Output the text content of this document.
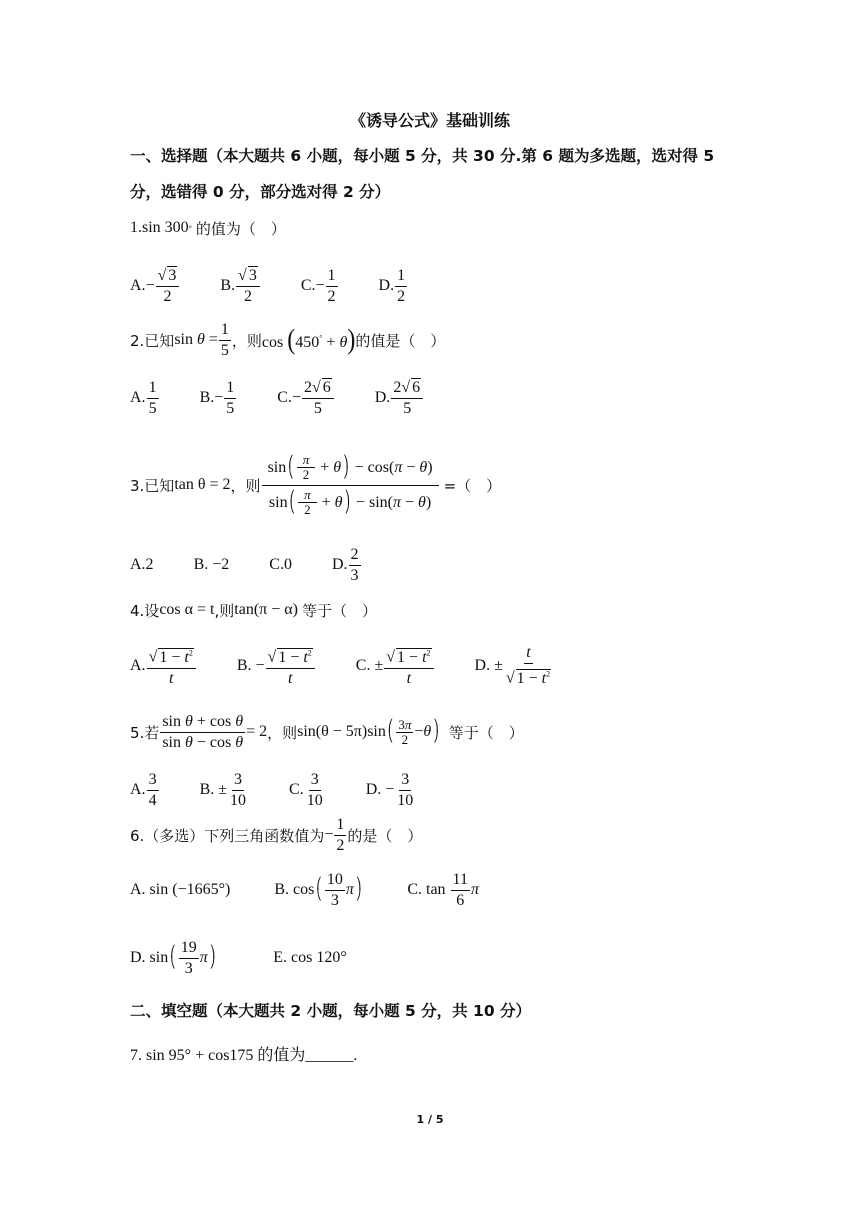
《诱导公式》基础训练
一、选择题（本大题共 6 小题，每小题 5 分，共 30 分.第 6 题为多选题，选对得 5 分，选错得 0 分，部分选对得 2 分）
1. sin 300 ° 的值为（　）
A. − $\frac{√ 3}{2}$	B. $\frac{√ 3}{2}$	C. − $\frac{1}{2}$	D. $\frac{1}{2}$
2.已知 $\sin \theta = \frac{1}{5}$ ，则 cos (450° + θ) 的值是（　）
A. $\frac{1}{5}$	B. − $\frac{1}{5}$	C. − $\frac{2√ 6}{5}$	D. $\frac{2√ 6}{5}$
3.已知 tan θ = 2 ，则
sin ⎛
⎝ $\frac{\pi}{2} + \theta$ ⎞
⎠ − cos(π − θ)
sin ⎛
⎝ $\frac{\pi}{2} + \theta$ ⎞
⎠ − sin(π − θ)
=（　）
A.2	B. −2	C.0	D. $\frac{2}{3}$
4.设 cos α = t ,则 tan(π − α) 等于（　）
A. $\frac{√ 1 - t^2}{t}$	B. − $\frac{√ 1 - t^2}{t}$	C. ± $\frac{√ 1 - t^2}{t}$	D. ± $\frac{t}{√ 1 - t^2}$
5.若 $\frac{\text{sin θ + cos θ}}{\text{sin θ − cos θ}} = 2$ ，则 sin(θ − 5π)sin ⎛
⎝ $\frac{3\pi}{2} - \theta$ ⎞
⎠ 等于（　）
A. $\frac{3}{4}$	B. ± $\frac{3}{10}$	C. $\frac{3}{10}$	D. − $\frac{3}{10}$
6.（多选）下列三角函数值为 − $\frac{1}{2}$ 的是（　）
A. sin
(−1665°)	B. cos ⎛
⎝ $\frac{10}{3}$ π ⎞
⎠	C. tan
$\frac{11}{6}$ π
D. sin ⎛
⎝ $\frac{19}{3}$ π ⎞
⎠	E. cos 120°
二、填空题（本大题共 2 小题，每小题 5 分，共 10 分）
7. sin 95° + cos175 的值为______.
1 / 5
